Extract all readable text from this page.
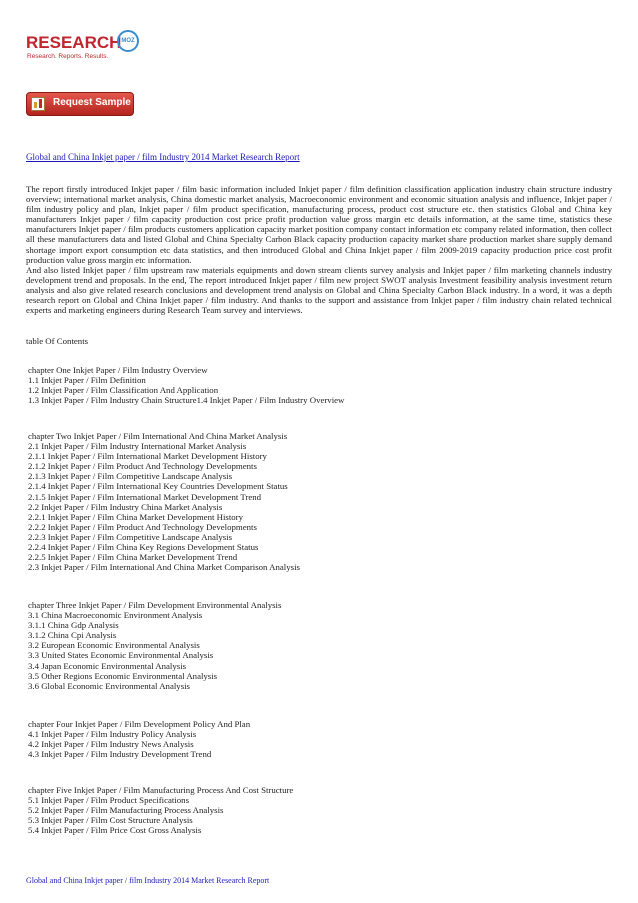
RESEARCH MOZ
Research. Reports. Results.
Request Sample
Global and China Inkjet paper / film Industry 2014 Market Research Report

The report firstly introduced Inkjet paper / film basic information included Inkjet paper / film definition classification application industry chain structure industry overview; international market analysis, China domestic market analysis, Macroeconomic environment and economic situation analysis and influence, Inkjet paper / film industry policy and plan, Inkjet paper / film product specification, manufacturing process, product cost structure etc. then statistics Global and China key manufacturers Inkjet paper / film capacity production cost price profit production value gross margin etc details information, at the same time, statistics these manufacturers Inkjet paper / film products customers application capacity market position company contact information etc company related information, then collect all these manufacturers data and listed Global and China Specialty Carbon Black capacity production capacity market share production market share supply demand shortage import export consumption etc data statistics, and then introduced Global and China Inkjet paper / film 2009-2019 capacity production price cost profit production value gross margin etc information.

And also listed Inkjet paper / film upstream raw materials equipments and down stream clients survey analysis and Inkjet paper / film marketing channels industry development trend and proposals. In the end, The report introduced Inkjet paper / film new project SWOT analysis Investment feasibility analysis investment return analysis and also give related research conclusions and development trend analysis on Global and China Specialty Carbon Black industry. In a word, it was a depth research report on Global and China Inkjet paper / film industry. And thanks to the support and assistance from Inkjet paper / film industry chain related technical experts and marketing engineers during Research Team survey and interviews.

table Of Contents
chapter One Inkjet Paper / Film Industry Overview
1.1 Inkjet Paper / Film Definition
1.2 Inkjet Paper / Film Classification And Application
1.3 Inkjet Paper / Film Industry Chain Structure1.4 Inkjet Paper / Film Industry Overview
chapter Two Inkjet Paper / Film International And China Market Analysis
2.1 Inkjet Paper / Film Industry International Market Analysis
2.1.1 Inkjet Paper / Film International Market Development History
2.1.2 Inkjet Paper / Film Product And Technology Developments
2.1.3 Inkjet Paper / Film Competitive Landscape Analysis
2.1.4 Inkjet Paper / Film International Key Countries Development Status
2.1.5 Inkjet Paper / Film International Market Development Trend
2.2 Inkjet Paper / Film Industry China Market Analysis
2.2.1 Inkjet Paper / Film China Market Development History
2.2.2 Inkjet Paper / Film Product And Technology Developments
2.2.3 Inkjet Paper / Film Competitive Landscape Analysis
2.2.4 Inkjet Paper / Film China Key Regions Development Status
2.2.5 Inkjet Paper / Film China Market Development Trend
2.3 Inkjet Paper / Film International And China Market Comparison Analysis
chapter Three Inkjet Paper / Film Development Environmental Analysis
3.1 China Macroeconomic Environment Analysis
3.1.1 China Gdp Analysis
3.1.2 China Cpi Analysis
3.2 European Economic Environmental Analysis
3.3 United States Economic Environmental Analysis
3.4 Japan Economic Environmental Analysis
3.5 Other Regions Economic Environmental Analysis
3.6 Global Economic Environmental Analysis
chapter Four Inkjet Paper / Film Development Policy And Plan
4.1 Inkjet Paper / Film Industry Policy Analysis
4.2 Inkjet Paper / Film Industry News Analysis
4.3 Inkjet Paper / Film Industry Development Trend
chapter Five Inkjet Paper / Film Manufacturing Process And Cost Structure
5.1 Inkjet Paper / Film Product Specifications
5.2 Inkjet Paper / Film Manufacturing Process Analysis
5.3 Inkjet Paper / Film Cost Structure Analysis
5.4 Inkjet Paper / Film Price Cost Gross Analysis
Global and China Inkjet paper / film Industry 2014 Market Research Report
